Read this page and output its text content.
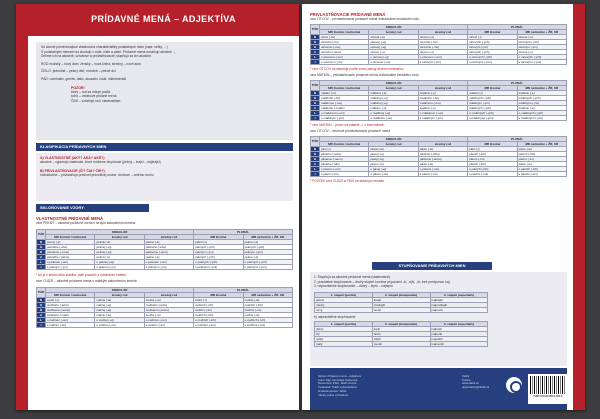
PRÍDAVNÉ MENÁ – ADJEKTÍVA
Sú slovné pomenúvajúce vlastnosti a charakteristiky podstatných mien (napr. veľký, ...)
S podstatnými menami sa zhodujú v rode, čísle a páde. Prídavné mená označujú akostné ...
Delíme ich na akostné, vzťahové a privlastňovacie; stupňujú sa len akostné.
ROD mužský – nový dom; ženský – nová kniha; stredný – nové auto
ČÍSLO: jednotné – pekný deň; množné – pekné dni
PÁD: nominatív, genitív, datív, akuzatív, lokál, inštrumentál
POZOR!
ktorý – rod sa určuje podľa
koho – vzťahové pridané mená
ČIMI – vzťahujú sa k vlastnostiam
KLASIFIKÁCIA PRÍDAVNÝCH MIEN
A) VLASTNOSTNÉ (AKÝ? AKÁ? AKÉ?)
akostné – vyjadrujú vlastnosti, ktoré môžeme stupňovať (pekný – krajší – najkrajší)
B) PRIVLASTŇOVACIE (ČÍ? ČIA? ČIE?)
individuálne – privlastňujú predmet jednotlivej osobe; druhové – celému druhu
SKLOŇOVANIE VZORY:
VLASTNOSTNÉ PRÍDAVNÉ MENÁ
vzor PEKNÝ – akostné prídavné mená s tvrdým zakončením kmeňa
PÁD	SINGULÁR			PLURÁL	
	MR životné / neživotné	ženský rod	stredný rod	MR životné	MR neživotné + ŽR, SR
N	pekný (-ý)	pekná (-á)	pekné (-é)	pekní (-í)	pekné (-é)
G	pekného (-ého)	peknej (-ej)	pekného (-ého)	pekných (-ých)	pekných (-ých)
D	peknému (-ému)	peknej (-ej)	peknému (-ému)	pekným (-ým)	pekným (-ým)
A	pekného / pekný	peknú (-ú)	pekné (-é)	pekných (-ých)	pekné (-é)
L	o peknom (-om)	o peknej (-ej)	o peknom (-om)	o pekných (-ých)	o pekných (-ých)
I	s pekným (-ým)	s peknou (-ou)	s pekným (-ým)	s peknými (-ými)	s peknými (-ými)
* Ak je v kmeni dlhá slabika, platí pravidlo o rytmickom krátení.
vzor CUDZÍ – akostné prídavné mená s mäkkým zakončením kmeňa
PÁD	SINGULÁR			PLURÁL	
	MR životné / neživotné	ženský rod	stredný rod	MR životné	MR neživotné + ŽR, SR
N	cudzí (-í)	cudzia (-ia)	cudzie (-ie)	cudzí (-í)	cudzie (-ie)
G	cudzieho (-ieho)	cudzej (-ej)	cudzieho (-ieho)	cudzích (-ích)	cudzích (-ích)
D	cudziemu (-iemu)	cudzej (-ej)	cudziemu (-iemu)	cudzím (-ím)	cudzím (-ím)
A	cudzieho / cudzí	cudziu (-iu)	cudzie (-ie)	cudzích (-ích)	cudzie (-ie)
L	o cudzom (-om)	o cudzej (-ej)	o cudzom (-om)	o cudzích (-ích)	o cudzích (-ích)
I	s cudzím (-ím)	s cudzou (-ou)	s cudzím (-ím)	s cudzími (-ími)	s cudzími (-ími)
PRIVLASTŇOVACIE PRÍDAVNÉ MENÁ
vzor OTCOV – privlastňovacie prídavné mená individuálne mužského rodu
PÁD	SINGULÁR			PLURÁL	
	MR životné / neživotné	ženský rod	stredný rod	MR životné	MR neživotné + ŽR, SR
N	otcov (-ov)	otcova (-a)	otcovo (-o)	otcovi (-i)	otcove (-e)
G	otcovho (-ho)	otcovej (-ej)	otcovho (-ho)	otcových (-ých)	otcových (-ých)
D	otcovmu (-mu)	otcovej (-ej)	otcovmu (-mu)	otcovým (-ým)	otcovým (-ým)
A	otcovho / otcov	otcovu (-u)	otcovo (-o)	otcových (-ých)	otcove (-e)
L	o otcovom (-om)	o otcovej (-ej)	o otcovom (-om)	o otcových (-ých)	o otcových (-ých)
I	s otcovým (-ým)	s otcovou (-ou)	s otcovým (-ým)	s otcovými (-ými)	s otcovými (-ými)
* vzor OTCOV sa skloňuje podľa vzoru pekný okrem nominatívu
vzor MATKIN – privlastňovacie prídavné mená individuálne ženského rodu
PÁD	SINGULÁR			PLURÁL	
	MR životné / neživotné	ženský rod	stredný rod	MR životné	MR neživotné + ŽR, SR
N	matkin (-in)	matkina (-a)	matkino (-o)	matkini (-i)	matkine (-e)
G	matkinho (-ho)	matkinej (-ej)	matkinho (-ho)	matkiných (-ých)	matkiných (-ých)
D	matkinmu (-mu)	matkinej (-ej)	matkinmu (-mu)	matkiným (-ým)	matkiným (-ým)
A	matkinho / matkin	matkinu (-u)	matkino (-o)	matkiných (-ých)	matkine (-e)
L	o matkinom (-om)	o matkinej (-ej)	o matkinom (-om)	o matkiných (-ých)	o matkiných (-ých)
I	s matkiným (-ým)	s matkinou (-ou)	s matkiným (-ým)	s matkinými (-ými)	s matkinými (-ými)
* vzor MATKIN – pozor na písanie -i- v koncovkách
vzor OTCOV – druhové privlastňovacie prídavné mená
PÁD	SINGULÁR			PLURÁL	
	MR životné / neživotné	ženský rod	stredný rod	MR životné	MR neživotné + ŽR, SR
N	páví (-í)	pávia (-ia)	pávie (-ie)	páví (-í)	pávie (-ie)
G	pávieho (-ieho)	pávej (-ej)	pávieho (-ieho)	pávích (-ích)	pávích (-ích)
D	páviemu (-iemu)	pávej (-ej)	páviemu (-iemu)	pávím (-ím)	pávím (-ím)
A	pávieho / páví	páviu (-iu)	pávie (-ie)	pávích (-ích)	pávie (-ie)
L	o pávom (-om)	o pávej (-ej)	o pávom (-om)	o pávích (-ích)	o pávích (-ích)
I	s pávím (-ím)	s pávou (-ou)	s pávím (-ím)	s pávími (-ími)	s pávími (-ími)
* POZOR! vzor CUDZÍ a PÁVÍ sa skloňujú rovnako
STUPŇOVANIE PRÍDAVNÝCH MIEN
1. Stupňujú sa akostné prídavné mená (vlastnostné).
2. pravidelné stupňovanie – druhý stupeň tvoríme príponami -ší, -ejší, -ší; tretí predponou naj-
3. nepravidelné stupňovanie – dobrý – lepší – najlepší
1. stupeň (pozitív)	2. stupeň (komparatív)	3. stupeň (superlatív)
pekný	krajší	najkrajší
múdry	múdrejší	najmúdrejší
nový	novší	najnovší
b) nepravidelné stupňovanie
1. stupeň (pozitív)	2. stupeň (komparatív)	3. stupeň (superlatív)
dobrý	lepší	najlepší
zlý	horší	najhorší
veľký	väčší	najväčší
malý	menší	najmenší
Názov: Prídavné mená – Adjektíva
Autor: Mgr. Dominika Hudecová
Recenzent: PhDr. Martin Kovár
Vydavateľ: Taktik vydavateľstvo
Grafická úprava: Taktik
Všetky práva vyhradené.
Taktik
Košice
www.taktik.sk
objednavky@taktik.sk
ISBN 978-80-8061-000-0
